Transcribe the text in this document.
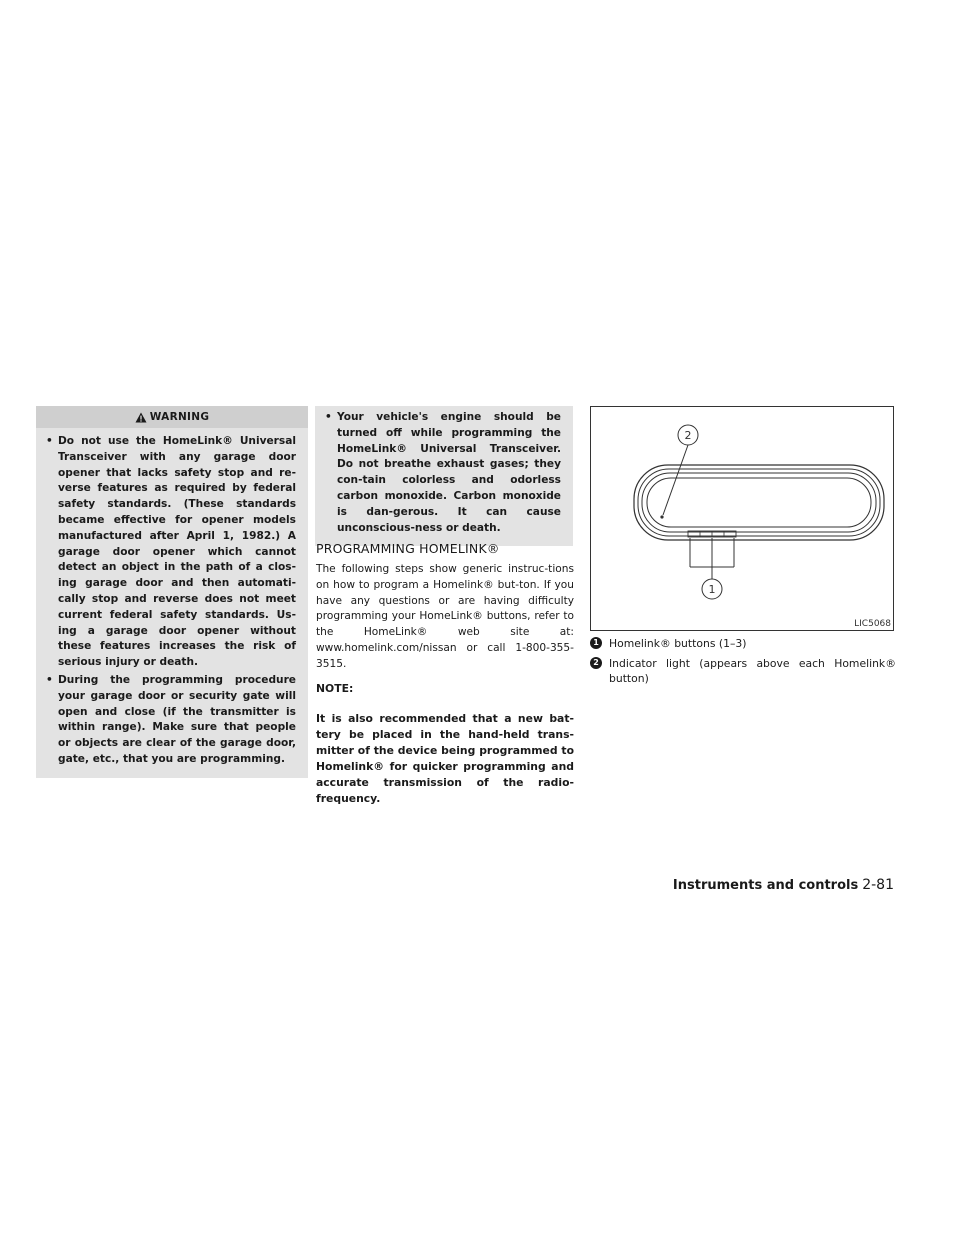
WARNING
• Do not use the HomeLink® Universal Transceiver with any garage door opener that lacks safety stop and re-verse features as required by federal safety standards. (These standards became effective for opener models manufactured after April 1, 1982.) A garage door opener which cannot detect an object in the path of a clos-ing garage door and then automati-cally stop and reverse does not meet current federal safety standards. Us-ing a garage door opener without these features increases the risk of serious injury or death.
• During the programming procedure your garage door or security gate will open and close (if the transmitter is within range). Make sure that people or objects are clear of the garage door, gate, etc., that you are programming.
• Your vehicle's engine should be turned off while programming the HomeLink® Universal Transceiver. Do not breathe exhaust gases; they con-tain colorless and odorless carbon monoxide. Carbon monoxide is dan-gerous. It can cause unconscious-ness or death.
PROGRAMMING HOMELINK®

The following steps show generic instruc-tions on how to program a Homelink® but-ton. If you have any questions or are having difficulty programming your HomeLink® buttons, refer to the HomeLink® web site at: www.homelink.com/nissan or call 1-800-355-3515.

NOTE:

It is also recommended that a new bat-tery be placed in the hand-held trans-mitter of the device being programmed to Homelink® for quicker programming and accurate transmission of the radio-frequency.

2
1
LIC5068
1 Homelink® buttons (1–3)
2 Indicator light (appears above each Homelink® button)
Instruments and controls 2-81
